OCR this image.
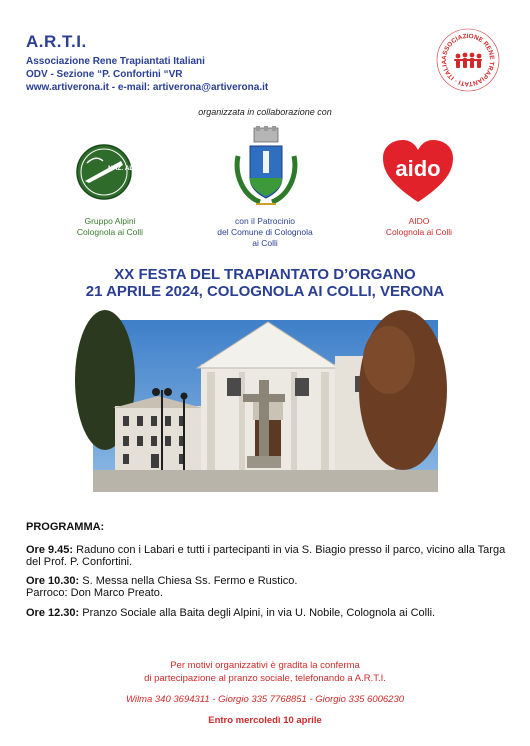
A.R.T.I.
Associazione Rene Trapiantati Italiani
ODV - Sezione “P. Confortini “VR
www.artiverona.it - e-mail: artiverona@artiverona.it
ASSOCIAZIONE RENE TRAPIANTATI · ITALIA
organizzata in collaborazione con
NAZ. ALPINI	aido
Gruppo Alpini
Colognola ai Colli
con il Patrocinio
del Comune di Colognola
ai Colli
AIDO
Colognola ai Colli
XX FESTA DEL TRAPIANTATO D’ORGANO
21 APRILE 2024, COLOGNOLA AI COLLI, VERONA
PROGRAMMA:
Ore 9.45: Raduno con i Labari e tutti i partecipanti in via S. Biagio presso il parco, vicino alla Targa del Prof. P. Confortini.
Ore 10.30: S. Messa nella Chiesa Ss. Fermo e Rustico.
Parroco: Don Marco Preato.
Ore 12.30: Pranzo Sociale alla Baita degli Alpini, in via U. Nobile, Colognola ai Colli.
Per motivi organizzativi è gradita la conferma
di partecipazione al pranzo sociale, telefonando a A.R.T.I.
Wilma 340 3694311 - Giorgio 335 7768851 - Giorgio 335 6006230
Entro mercoledì 10 aprile
